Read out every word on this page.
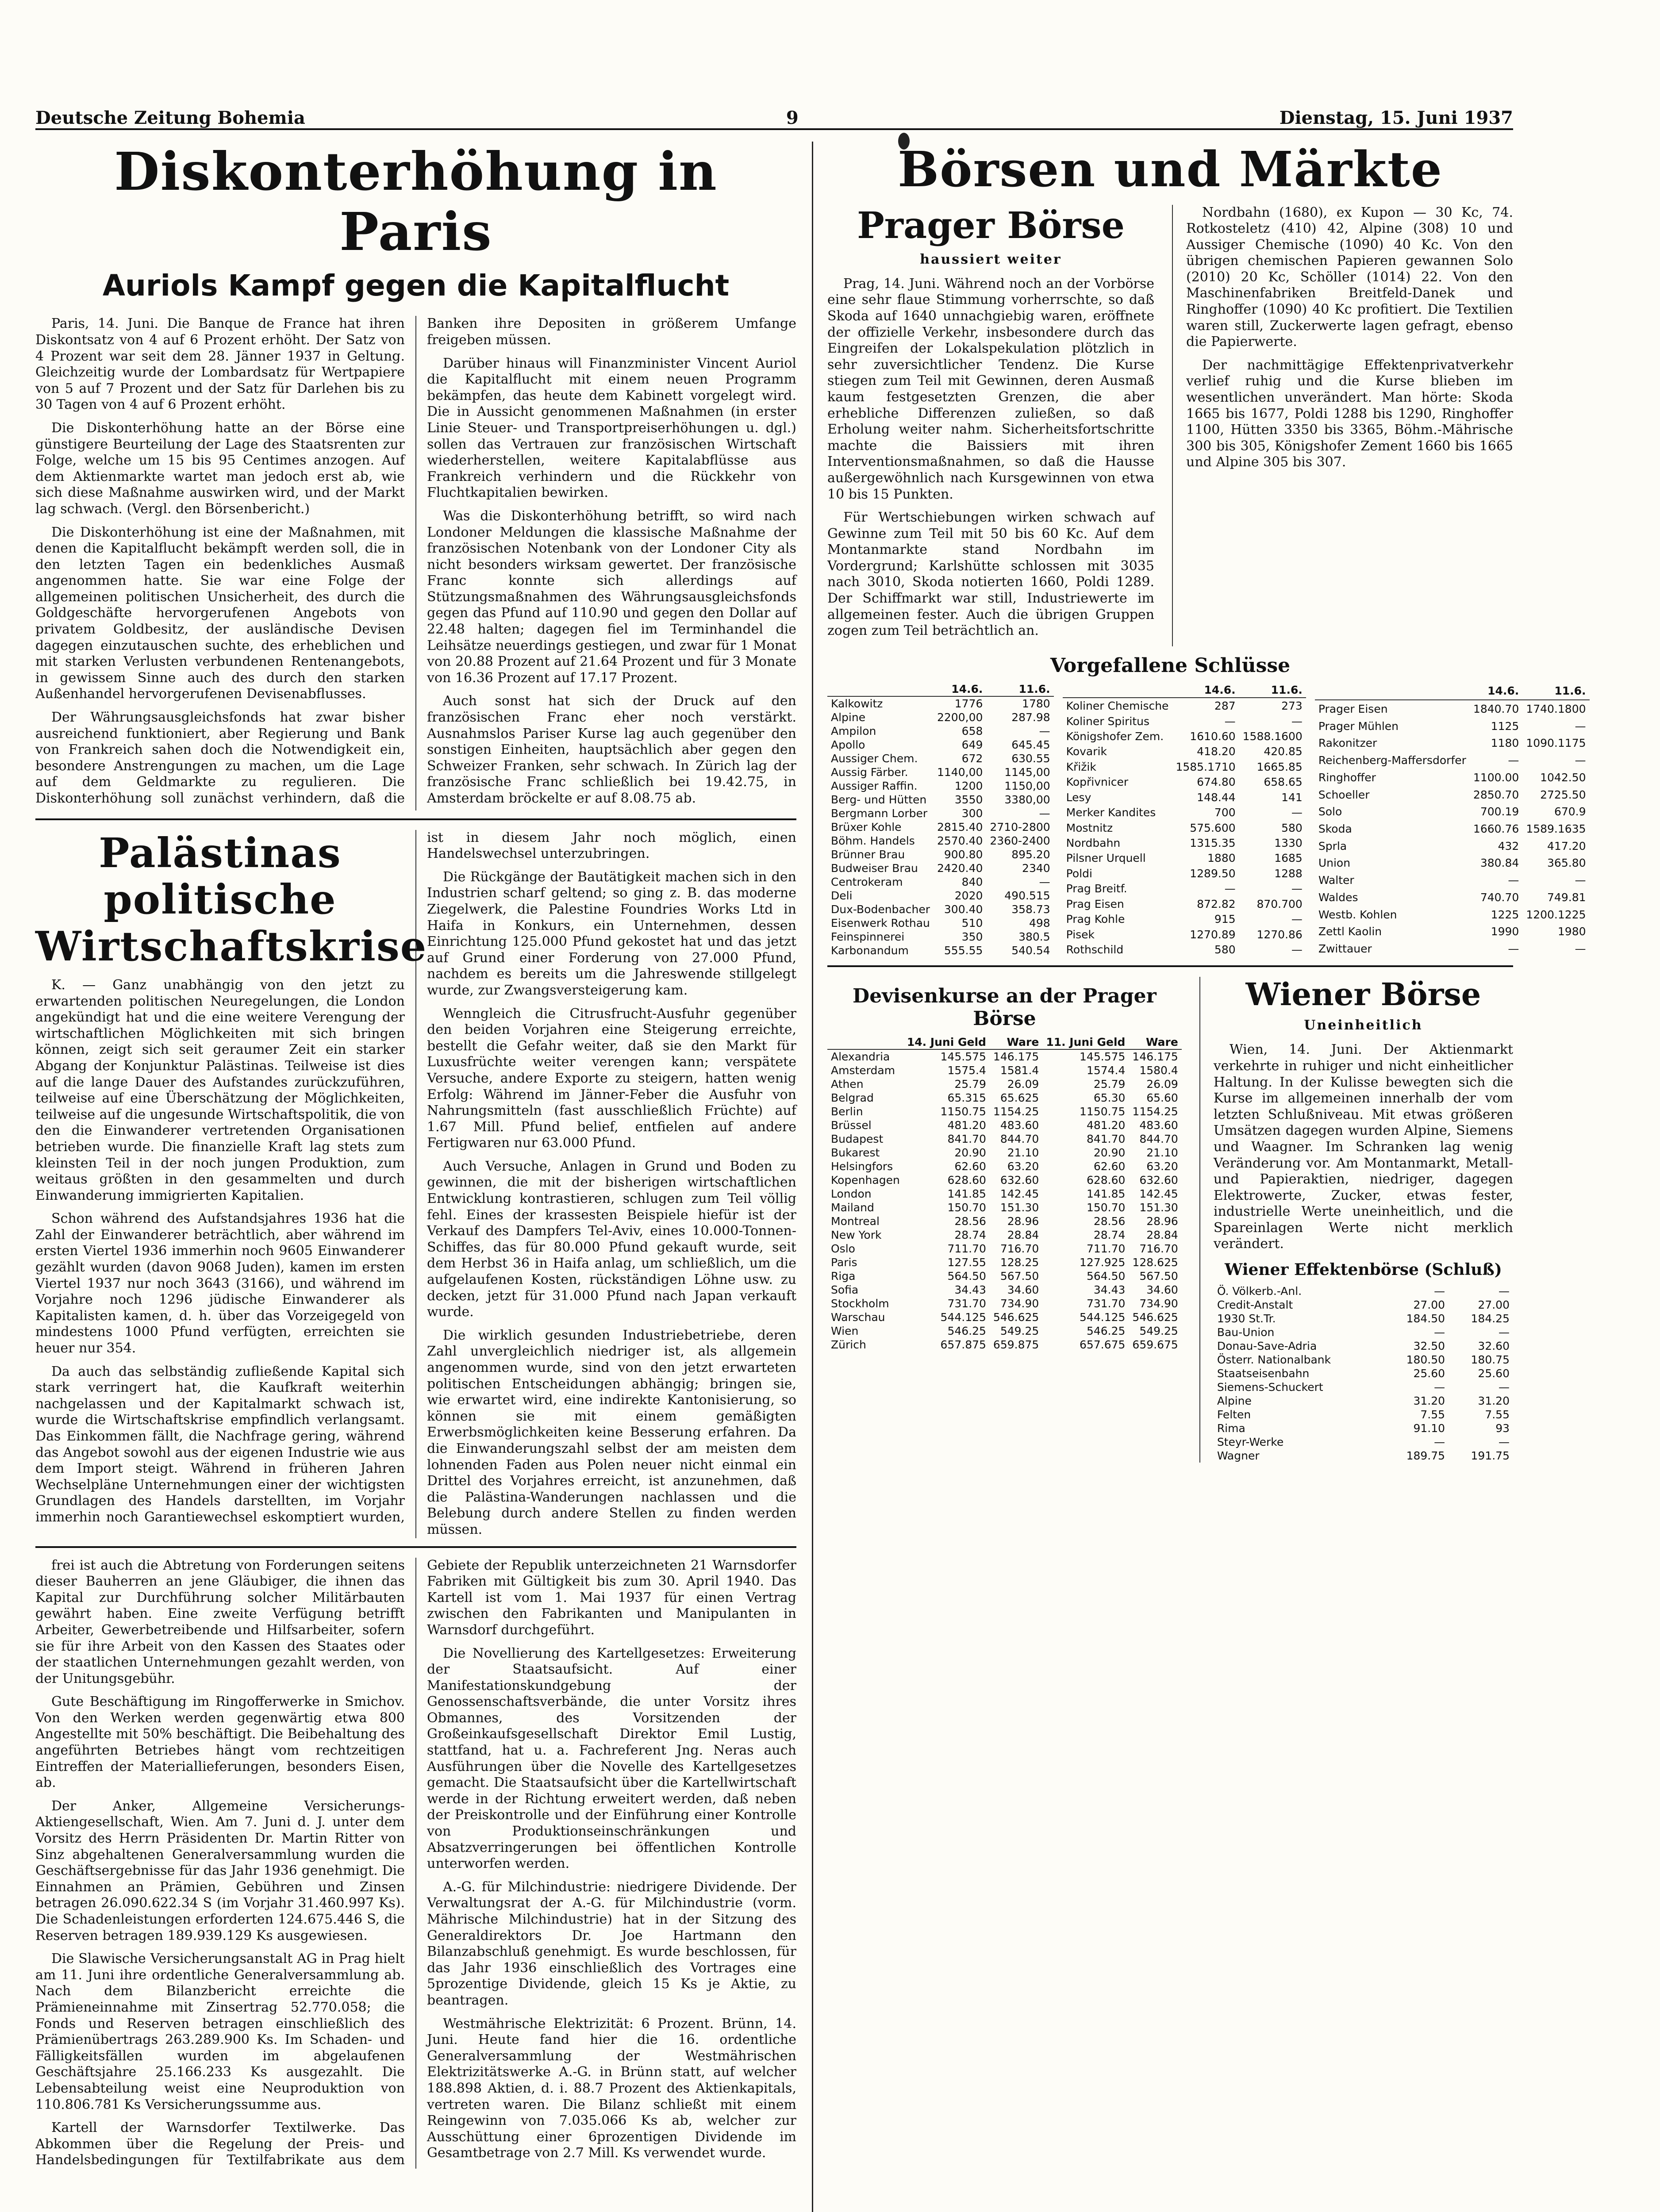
Deutsche Zeitung Bohemia	9	Dienstag, 15. Juni 1937
Diskonterhöhung in Paris
Auriols Kampf gegen die Kapitalflucht

Paris, 14. Juni. Die Banque de France hat ihren Diskontsatz von 4 auf 6 Prozent erhöht. Der Satz von 4 Prozent war seit dem 28. Jänner 1937 in Geltung. Gleichzeitig wurde der Lombardsatz für Wertpapiere von 5 auf 7 Prozent und der Satz für Darlehen bis zu 30 Tagen von 4 auf 6 Prozent erhöht.

Die Diskonterhöhung hatte an der Börse eine günstigere Beurteilung der Lage des Staatsrenten zur Folge, welche um 15 bis 95 Centimes anzogen. Auf dem Aktienmarkte wartet man jedoch erst ab, wie sich diese Maßnahme auswirken wird, und der Markt lag schwach. (Vergl. den Börsenbericht.)

Die Diskonterhöhung ist eine der Maßnahmen, mit denen die Kapitalflucht bekämpft werden soll, die in den letzten Tagen ein bedenkliches Ausmaß angenommen hatte. Sie war eine Folge der allgemeinen politischen Unsicherheit, des durch die Goldgeschäfte hervorgerufenen Angebots von privatem Goldbesitz, der ausländische Devisen dagegen einzutauschen suchte, des erheblichen und mit starken Verlusten verbundenen Rentenangebots, in gewissem Sinne auch des durch den starken Außenhandel hervorgerufenen Devisenabflusses.

Der Währungsausgleichsfonds hat zwar bisher ausreichend funktioniert, aber Regierung und Bank von Frankreich sahen doch die Notwendigkeit ein, besondere Anstrengungen zu machen, um die Lage auf dem Geldmarkte zu regulieren. Die Diskonterhöhung soll zunächst verhindern, daß die Banken ihre Depositen in größerem Umfange freigeben müssen.

Darüber hinaus will Finanzminister Vincent Auriol die Kapitalflucht mit einem neuen Programm bekämpfen, das heute dem Kabinett vorgelegt wird. Die in Aussicht genommenen Maßnahmen (in erster Linie Steuer- und Transportpreiserhöhungen u. dgl.) sollen das Vertrauen zur französischen Wirtschaft wiederherstellen, weitere Kapitalabflüsse aus Frankreich verhindern und die Rückkehr von Fluchtkapitalien bewirken.

Was die Diskonterhöhung betrifft, so wird nach Londoner Meldungen die klassische Maßnahme der französischen Notenbank von der Londoner City als nicht besonders wirksam gewertet. Der französische Franc konnte sich allerdings auf Stützungsmaßnahmen des Währungsausgleichsfonds gegen das Pfund auf 110.90 und gegen den Dollar auf 22.48 halten; dagegen fiel im Terminhandel die Leihsätze neuerdings gestiegen, und zwar für 1 Monat von 20.88 Prozent auf 21.64 Prozent und für 3 Monate von 16.36 Prozent auf 17.17 Prozent.

Auch sonst hat sich der Druck auf den französischen Franc eher noch verstärkt. Ausnahmslos Pariser Kurse lag auch gegenüber den sonstigen Einheiten, hauptsächlich aber gegen den Schweizer Franken, sehr schwach. In Zürich lag der französische Franc schließlich bei 19.42.75, in Amsterdam bröckelte er auf 8.08.75 ab.

Palästinas politische Wirtschaftskrise

K. — Ganz unabhängig von den jetzt zu erwartenden politischen Neuregelungen, die London angekündigt hat und die eine weitere Verengung der wirtschaftlichen Möglichkeiten mit sich bringen können, zeigt sich seit geraumer Zeit ein starker Abgang der Konjunktur Palästinas. Teilweise ist dies auf die lange Dauer des Aufstandes zurückzuführen, teilweise auf eine Überschätzung der Möglichkeiten, teilweise auf die ungesunde Wirtschaftspolitik, die von den die Einwanderer vertretenden Organisationen betrieben wurde. Die finanzielle Kraft lag stets zum kleinsten Teil in der noch jungen Produktion, zum weitaus größten in den gesammelten und durch Einwanderung immigrierten Kapitalien.

Schon während des Aufstandsjahres 1936 hat die Zahl der Einwanderer beträchtlich, aber während im ersten Viertel 1936 immerhin noch 9605 Einwanderer gezählt wurden (davon 9068 Juden), kamen im ersten Viertel 1937 nur noch 3643 (3166), und während im Vorjahre noch 1296 jüdische Einwanderer als Kapitalisten kamen, d. h. über das Vorzeigegeld von mindestens 1000 Pfund verfügten, erreichten sie heuer nur 354.

Da auch das selbständig zufließende Kapital sich stark verringert hat, die Kaufkraft weiterhin nachgelassen und der Kapitalmarkt schwach ist, wurde die Wirtschaftskrise empfindlich verlangsamt. Das Einkommen fällt, die Nachfrage gering, während das Angebot sowohl aus der eigenen Industrie wie aus dem Import steigt. Während in früheren Jahren Wechselpläne Unternehmungen einer der wichtigsten Grundlagen des Handels darstellten, im Vorjahr immerhin noch Garantiewechsel eskomptiert wurden, ist in diesem Jahr noch möglich, einen Handelswechsel unterzubringen.

Die Rückgänge der Bautätigkeit machen sich in den Industrien scharf geltend; so ging z. B. das moderne Ziegelwerk, die Palestine Foundries Works Ltd in Haifa in Konkurs, ein Unternehmen, dessen Einrichtung 125.000 Pfund gekostet hat und das jetzt auf Grund einer Forderung von 27.000 Pfund, nachdem es bereits um die Jahreswende stillgelegt wurde, zur Zwangsversteigerung kam.

Wenngleich die Citrusfrucht-Ausfuhr gegenüber den beiden Vorjahren eine Steigerung erreichte, bestellt die Gefahr weiter, daß sie den Markt für Luxusfrüchte weiter verengen kann; verspätete Versuche, andere Exporte zu steigern, hatten wenig Erfolg: Während im Jänner-Feber die Ausfuhr von Nahrungsmitteln (fast ausschließlich Früchte) auf 1.67 Mill. Pfund belief, entfielen auf andere Fertigwaren nur 63.000 Pfund.

Auch Versuche, Anlagen in Grund und Boden zu gewinnen, die mit der bisherigen wirtschaftlichen Entwicklung kontrastieren, schlugen zum Teil völlig fehl. Eines der krassesten Beispiele hiefür ist der Verkauf des Dampfers Tel-Aviv, eines 10.000-Tonnen-Schiffes, das für 80.000 Pfund gekauft wurde, seit dem Herbst 36 in Haifa anlag, um schließlich, um die aufgelaufenen Kosten, rückständigen Löhne usw. zu decken, jetzt für 31.000 Pfund nach Japan verkauft wurde.

Die wirklich gesunden Industriebetriebe, deren Zahl unvergleichlich niedriger ist, als allgemein angenommen wurde, sind von den jetzt erwarteten politischen Entscheidungen abhängig; bringen sie, wie erwartet wird, eine indirekte Kantonisierung, so können sie mit einem gemäßigten Erwerbsmöglichkeiten keine Besserung erfahren. Da die Einwanderungszahl selbst der am meisten dem lohnenden Faden aus Polen neuer nicht einmal ein Drittel des Vorjahres erreicht, ist anzunehmen, daß die Palästina-Wanderungen nachlassen und die Belebung durch andere Stellen zu finden werden müssen.

frei ist auch die Abtretung von Forderungen seitens dieser Bauherren an jene Gläubiger, die ihnen das Kapital zur Durchführung solcher Militärbauten gewährt haben. Eine zweite Verfügung betrifft Arbeiter, Gewerbetreibende und Hilfsarbeiter, sofern sie für ihre Arbeit von den Kassen des Staates oder der staatlichen Unternehmungen gezahlt werden, von der Unitungsgebühr.

Gute Beschäftigung im Ringofferwerke in Smichov. Von den Werken werden gegenwärtig etwa 800 Angestellte mit 50% beschäftigt. Die Beibehaltung des angeführten Betriebes hängt vom rechtzeitigen Eintreffen der Materiallieferungen, besonders Eisen, ab.

Der Anker, Allgemeine Versicherungs-Aktiengesellschaft, Wien. Am 7. Juni d. J. unter dem Vorsitz des Herrn Präsidenten Dr. Martin Ritter von Sinz abgehaltenen Generalversammlung wurden die Geschäftsergebnisse für das Jahr 1936 genehmigt. Die Einnahmen an Prämien, Gebühren und Zinsen betragen 26.090.622.34 S (im Vorjahr 31.460.997 Ks). Die Schadenleistungen erforderten 124.675.446 S, die Reserven betragen 189.939.129 Ks ausgewiesen.

Die Slawische Versicherungsanstalt AG in Prag hielt am 11. Juni ihre ordentliche Generalversammlung ab. Nach dem Bilanzbericht erreichte die Prämieneinnahme mit Zinsertrag 52.770.058; die Fonds und Reserven betragen einschließlich des Prämienübertrags 263.289.900 Ks. Im Schaden- und Fälligkeitsfällen wurden im abgelaufenen Geschäftsjahre 25.166.233 Ks ausgezahlt. Die Lebensabteilung weist eine Neuproduktion von 110.806.781 Ks Versicherungssumme aus.

Kartell der Warnsdorfer Textilwerke. Das Abkommen über die Regelung der Preis- und Handelsbedingungen für Textilfabrikate aus dem Gebiete der Republik unterzeichneten 21 Warnsdorfer Fabriken mit Gültigkeit bis zum 30. April 1940. Das Kartell ist vom 1. Mai 1937 für einen Vertrag zwischen den Fabrikanten und Manipulanten in Warnsdorf durchgeführt.

Die Novellierung des Kartellgesetzes: Erweiterung der Staatsaufsicht. Auf einer Manifestationskundgebung der Genossenschaftsverbände, die unter Vorsitz ihres Obmannes, des Vorsitzenden der Großeinkaufsgesellschaft Direktor Emil Lustig, stattfand, hat u. a. Fachreferent Jng. Neras auch Ausführungen über die Novelle des Kartellgesetzes gemacht. Die Staatsaufsicht über die Kartellwirtschaft werde in der Richtung erweitert werden, daß neben der Preiskontrolle und der Einführung einer Kontrolle von Produktionseinschränkungen und Absatzverringerungen bei öffentlichen Kontrolle unterworfen werden.

A.-G. für Milchindustrie: niedrigere Dividende. Der Verwaltungsrat der A.-G. für Milchindustrie (vorm. Mährische Milchindustrie) hat in der Sitzung des Generaldirektors Dr. Joe Hartmann den Bilanzabschluß genehmigt. Es wurde beschlossen, für das Jahr 1936 einschließlich des Vortrages eine 5prozentige Dividende, gleich 15 Ks je Aktie, zu beantragen.

Westmährische Elektrizität: 6 Prozent. Brünn, 14. Juni. Heute fand hier die 16. ordentliche Generalversammlung der Westmährischen Elektrizitätswerke A.-G. in Brünn statt, auf welcher 188.898 Aktien, d. i. 88.7 Prozent des Aktienkapitals, vertreten waren. Die Bilanz schließt mit einem Reingewinn von 7.035.066 Ks ab, welcher zur Ausschüttung einer 6prozentigen Dividende im Gesamtbetrage von 2.7 Mill. Ks verwendet wurde.

Börsen und Märkte
Prager Börse
haussiert weiter

Prag, 14. Juni. Während noch an der Vorbörse eine sehr flaue Stimmung vorherrschte, so daß Skoda auf 1640 unnachgiebig waren, eröffnete der offizielle Verkehr, insbesondere durch das Eingreifen der Lokalspekulation plötzlich in sehr zuversichtlicher Tendenz. Die Kurse stiegen zum Teil mit Gewinnen, deren Ausmaß kaum festgesetzten Grenzen, die aber erhebliche Differenzen zuließen, so daß Erholung weiter nahm. Sicherheitsfortschritte machte die Baissiers mit ihren Interventionsmaßnahmen, so daß die Hausse außergewöhnlich nach Kursgewinnen von etwa 10 bis 15 Punkten.

Für Wertschiebungen wirken schwach auf Gewinne zum Teil mit 50 bis 60 Kc. Auf dem Montanmarkte stand Nordbahn im Vordergrund; Karlshütte schlossen mit 3035 nach 3010, Skoda notierten 1660, Poldi 1289. Der Schiffmarkt war still, Industriewerte im allgemeinen fester. Auch die übrigen Gruppen zogen zum Teil beträchtlich an.

Nordbahn (1680), ex Kupon — 30 Kc, 74. Rotkosteletz (410) 42, Alpine (308) 10 und Aussiger Chemische (1090) 40 Kc. Von den übrigen chemischen Papieren gewannen Solo (2010) 20 Kc, Schöller (1014) 22. Von den Maschinenfabriken Breitfeld-Danek und Ringhoffer (1090) 40 Kc profitiert. Die Textilien waren still, Zuckerwerte lagen gefragt, ebenso die Papierwerte.

Der nachmittägige Effektenprivatverkehr verlief ruhig und die Kurse blieben im wesentlichen unverändert. Man hörte: Skoda 1665 bis 1677, Poldi 1288 bis 1290, Ringhoffer 1100, Hütten 3350 bis 3365, Böhm.-Mährische 300 bis 305, Königshofer Zement 1660 bis 1665 und Alpine 305 bis 307.

Vorgefallene Schlüsse
	14.6.	11.6.
Kalkowitz	1776	1780
Alpine	2200,00	287.98
Ampilon	658	—
Apollo	649	645.45
Aussiger Chem.	672	630.55
Aussig Färber.	1140,00	1145,00
Aussiger Raffin.	1200	1150,00
Berg- und Hütten	3550	3380,00
Bergmann Lorber	300	—
Brüxer Kohle	2815.40	2710-2800
Böhm. Handels	2570.40	2360-2400
Brünner Brau	900.80	895.20
Budweiser Brau	2420.40	2340
Centrokeram	840	—
Deli	2020	490.515
Dux-Bodenbacher	300.40	358.73
Eisenwerk Rothau	510	498
Feinspinnerei	350	380.5
Karbonandum	555.55	540.54
	14.6.	11.6.
Koliner Chemische	287	273
Koliner Spiritus	—	—
Königshofer Zem.	1610.60	1588.1600
Kovarik	418.20	420.85
Křižik	1585.1710	1665.85
Kopřivnicer	674.80	658.65
Lesy	148.44	141
Merker Kandites	700	—
Mostnitz	575.600	580
Nordbahn	1315.35	1330
Pilsner Urquell	1880	1685
Poldi	1289.50	1288
Prag Breitf.	—	—
Prag Eisen	872.82	870.700
Prag Kohle	915	—
Pisek	1270.89	1270.86
Rothschild	580	—
	14.6.	11.6.
Prager Eisen	1840.70	1740.1800
Prager Mühlen	1125	—
Rakonitzer	1180	1090.1175
Reichenberg-Maffersdorfer	—	—
Ringhoffer	1100.00	1042.50
Schoeller	2850.70	2725.50
Solo	700.19	670.9
Skoda	1660.76	1589.1635
Sprla	432	417.20
Union	380.84	365.80
Walter	—	—
Waldes	740.70	749.81
Westb. Kohlen	1225	1200.1225
Zettl Kaolin	1990	1980
Zwittauer	—	—
Devisenkurse an der Prager Börse
	14. Juni Geld	Ware	11. Juni Geld	Ware
Alexandria	145.575	146.175	145.575	146.175
Amsterdam	1575.4	1581.4	1574.4	1580.4
Athen	25.79	26.09	25.79	26.09
Belgrad	65.315	65.625	65.30	65.60
Berlin	1150.75	1154.25	1150.75	1154.25
Brüssel	481.20	483.60	481.20	483.60
Budapest	841.70	844.70	841.70	844.70
Bukarest	20.90	21.10	20.90	21.10
Helsingfors	62.60	63.20	62.60	63.20
Kopenhagen	628.60	632.60	628.60	632.60
London	141.85	142.45	141.85	142.45
Mailand	150.70	151.30	150.70	151.30
Montreal	28.56	28.96	28.56	28.96
New York	28.74	28.84	28.74	28.84
Oslo	711.70	716.70	711.70	716.70
Paris	127.55	128.25	127.925	128.625
Riga	564.50	567.50	564.50	567.50
Sofia	34.43	34.60	34.43	34.60
Stockholm	731.70	734.90	731.70	734.90
Warschau	544.125	546.625	544.125	546.625
Wien	546.25	549.25	546.25	549.25
Zürich	657.875	659.875	657.675	659.675
Wiener Börse
Uneinheitlich

Wien, 14. Juni. Der Aktienmarkt verkehrte in ruhiger und nicht einheitlicher Haltung. In der Kulisse bewegten sich die Kurse im allgemeinen innerhalb der vom letzten Schlußniveau. Mit etwas größeren Umsätzen dagegen wurden Alpine, Siemens und Waagner. Im Schranken lag wenig Veränderung vor. Am Montanmarkt, Metall- und Papieraktien, niedriger, dagegen Elektrowerte, Zucker, etwas fester, industrielle Werte uneinheitlich, und die Spareinlagen Werte nicht merklich verändert.

Wiener Effektenbörse (Schluß)
Ö. Völkerb.-Anl.	—	—
Credit-Anstalt	27.00	27.00
1930 St.Tr.	184.50	184.25
Bau-Union	—	—
Donau-Save-Adria	32.50	32.60
Österr. Nationalbank	180.50	180.75
Staatseisenbahn	25.60	25.60
Siemens-Schuckert	—	—
Alpine	31.20	31.20
Felten	7.55	7.55
Rima	91.10	93
Steyr-Werke	—	—
Wagner	189.75	191.75
